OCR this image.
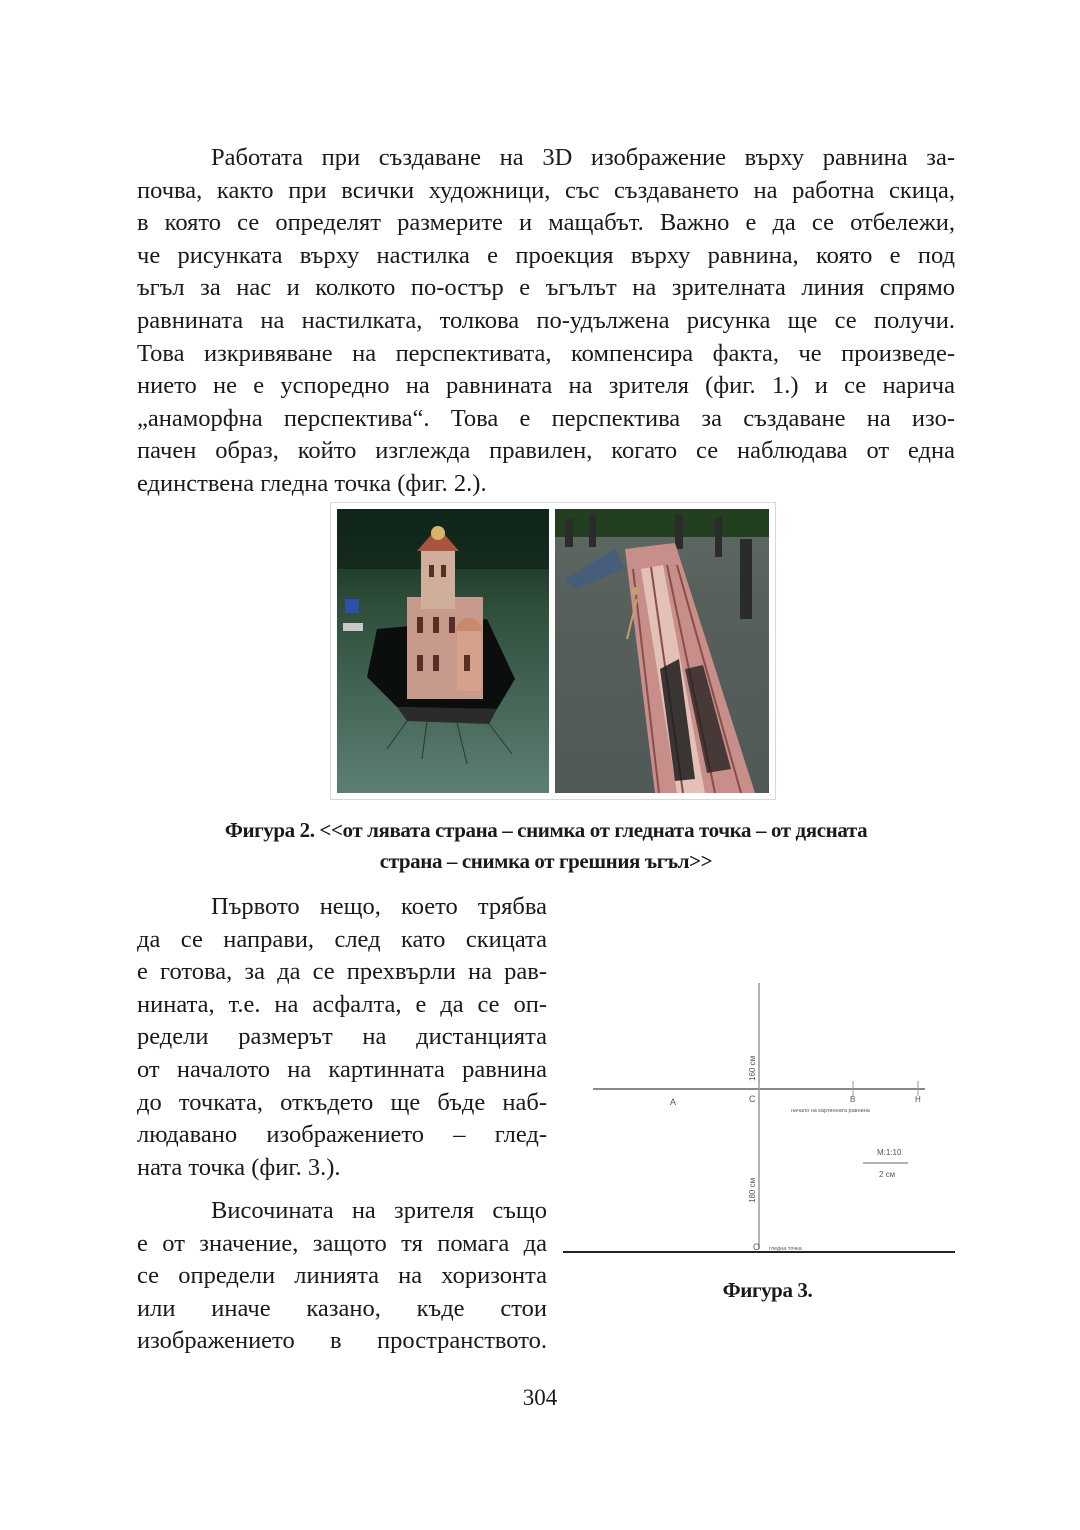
Работата при създаване на 3D изображение върху равнина за-
почва, както при всички художници, със създаването на работна скица,
в която се определят размерите и мащабът. Важно е да се отбележи,
че рисунката върху настилка е проекция върху равнина, която е под
ъгъл за нас и колкото по-остър е ъгълът на зрителната линия спрямо
равнината на настилката, толкова по-удължена рисунка ще се получи.
Това изкривяване на перспективата, компенсира факта, че произведе-
нието не е успоредно на равнината на зрителя (фиг. 1.) и се нарича
„анаморфна перспектива“. Това е перспектива за създаване на изо-
пачен образ, който изглежда правилен, когато се наблюдава от една
единствена гледна точка (фиг. 2.).
Фигура 2. <<от лявата страна – снимка от гледната точка – от дясната
страна – снимка от грешния ъгъл>>
Първото нещо, което трябва
да се направи, след като скицата
е готова, за да се прехвърли на рав-
нината, т.е. на асфалта, е да се оп-
редели размерът на дистанцията
от началото на картинната равнина
до точката, откъдето ще бъде наб-
людавано изображението – глед-
ната точка (фиг. 3.).
Височината на зрителя също
е от значение, защото тя помага да
се определи линията на хоризонта
или иначе казано, къде стои
изображението в пространството.
A	C	B	H
160 см
180 см
начало на картинната равнина
М:1:10
2 см
O гледна точка
Фигура 3.
304
